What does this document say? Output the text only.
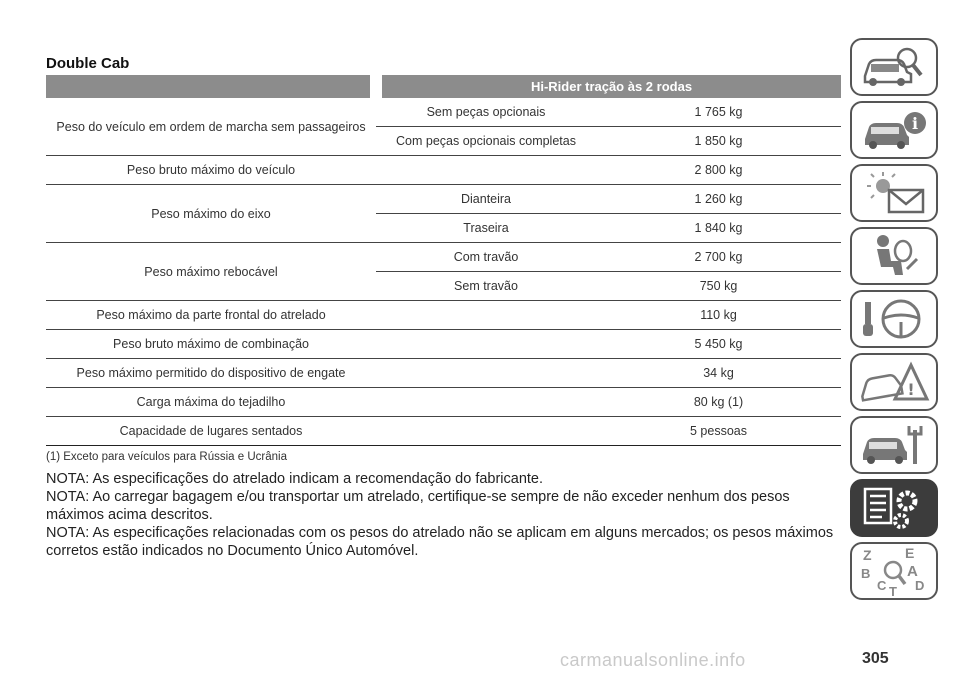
Double Cab
	Hi-Rider tração às 2 rodas	
Peso do veículo em ordem de marcha sem passageiros	Sem peças opcionais	1 765 kg
	Com peças opcionais completas	1 850 kg
Peso bruto máximo do veículo		2 800 kg
Peso máximo do eixo	Dianteira	1 260 kg
	Traseira	1 840 kg
Peso máximo rebocável	Com travão	2 700 kg
	Sem travão	750 kg
Peso máximo da parte frontal do atrelado		110 kg
Peso bruto máximo de combinação		5 450 kg
Peso máximo permitido do dispositivo de engate		34 kg
Carga máxima do tejadilho		80 kg (1)
Capacidade de lugares sentados		5 pessoas
(1) Exceto para veículos para Rússia e Ucrânia

NOTA: As especificações do atrelado indicam a recomendação do fabricante.

NOTA: Ao carregar bagagem e/ou transportar um atrelado, certifique-se sempre de não exceder nenhum dos pesos máximos acima descritos.

NOTA: As especificações relacionadas com os pesos do atrelado não se aplicam em alguns mercados; os pesos máximos corretos estão indicados no Documento Único Automóvel.

i
!
Z E
B A
C D
T
carmanualsonline.info	305
